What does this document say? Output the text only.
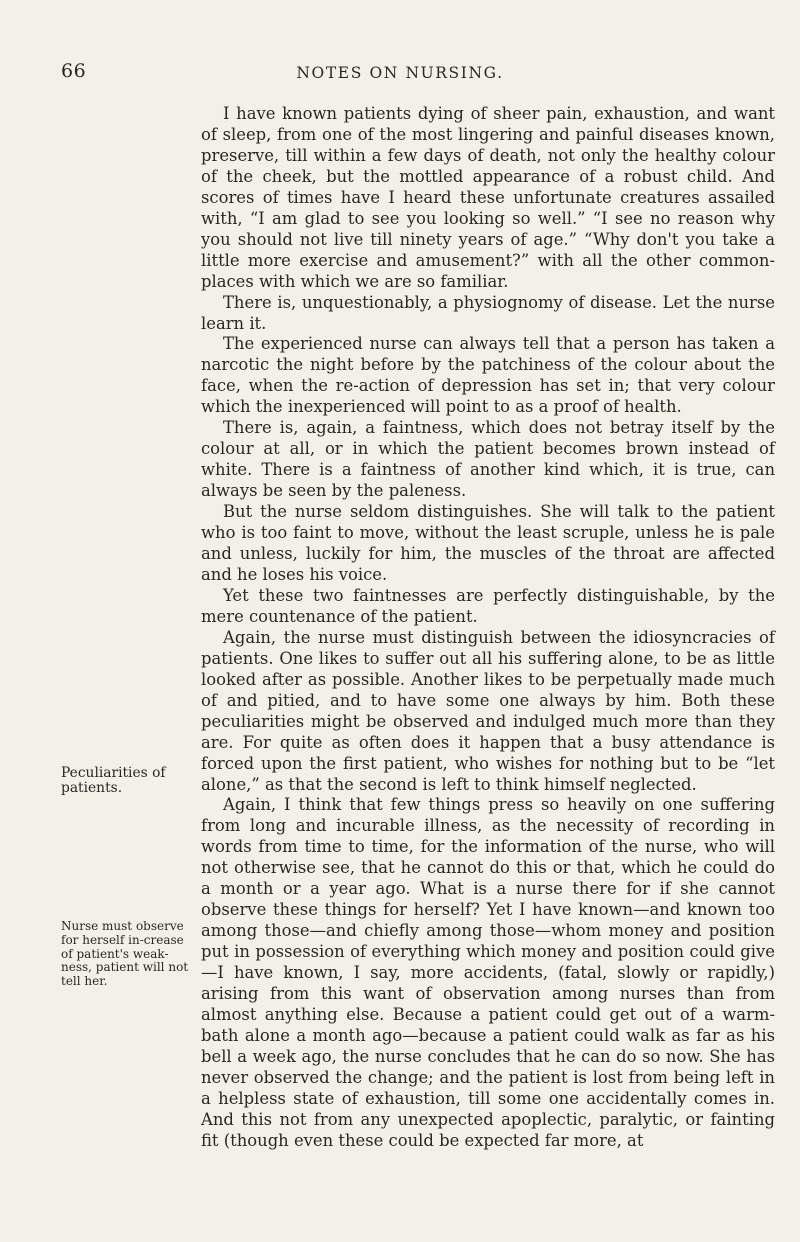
66	NOTES ON NURSING.
Peculiarities of patients.
Nurse must observe for herself in-crease of patient's weak-ness, patient will not tell her.

I have known patients dying of sheer pain, exhaustion, and want of sleep, from one of the most lingering and painful diseases known, preserve, till within a few days of death, not only the healthy colour of the cheek, but the mottled appearance of a robust child. And scores of times have I heard these unfortunate creatures assailed with, “I am glad to see you looking so well.” “I see no reason why you should not live till ninety years of age.” “Why don't you take a little more exercise and amusement?” with all the other common-places with which we are so familiar.

There is, unquestionably, a physiognomy of disease. Let the nurse learn it.

The experienced nurse can always tell that a person has taken a narcotic the night before by the patchiness of the colour about the face, when the re-action of depression has set in; that very colour which the inexperienced will point to as a proof of health.

There is, again, a faintness, which does not betray itself by the colour at all, or in which the patient becomes brown instead of white. There is a faintness of another kind which, it is true, can always be seen by the paleness.

But the nurse seldom distinguishes. She will talk to the patient who is too faint to move, without the least scruple, unless he is pale and unless, luckily for him, the muscles of the throat are affected and he loses his voice.

Yet these two faintnesses are perfectly distinguishable, by the mere countenance of the patient.

Again, the nurse must distinguish between the idiosyncracies of patients. One likes to suffer out all his suffering alone, to be as little looked after as possible. Another likes to be perpetually made much of and pitied, and to have some one always by him. Both these peculiarities might be observed and indulged much more than they are. For quite as often does it happen that a busy attendance is forced upon the first patient, who wishes for nothing but to be “let alone,” as that the second is left to think himself neglected.

Again, I think that few things press so heavily on one suffering from long and incurable illness, as the necessity of recording in words from time to time, for the information of the nurse, who will not otherwise see, that he cannot do this or that, which he could do a month or a year ago. What is a nurse there for if she cannot observe these things for herself? Yet I have known—and known too among those—and chiefly among those—whom money and position put in possession of everything which money and position could give—I have known, I say, more accidents, (fatal, slowly or rapidly,) arising from this want of observation among nurses than from almost anything else. Because a patient could get out of a warm-bath alone a month ago—because a patient could walk as far as his bell a week ago, the nurse concludes that he can do so now. She has never observed the change; and the patient is lost from being left in a helpless state of exhaustion, till some one accidentally comes in. And this not from any unexpected apoplectic, paralytic, or fainting fit (though even these could be expected far more, at
